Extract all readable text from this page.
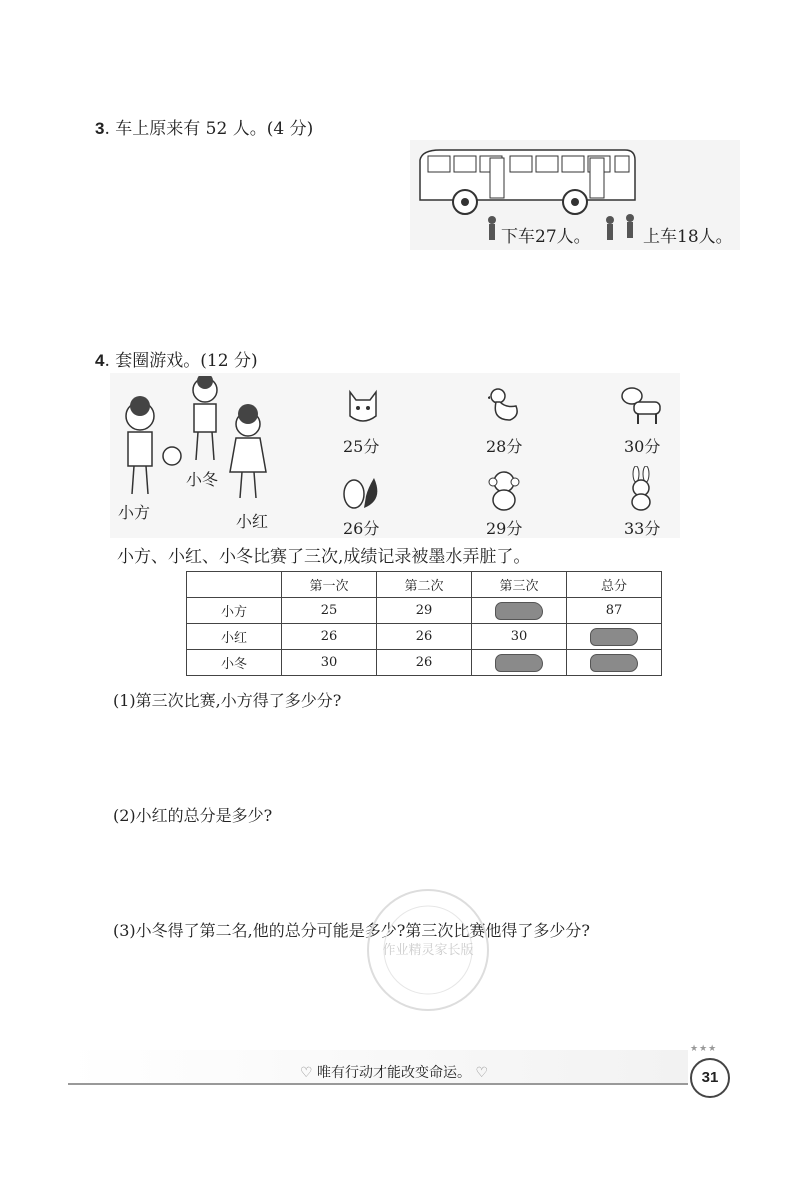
3. 车上原来有 52 人。(4 分)
下车27人。	上车18人。
4. 套圈游戏。(12 分)
小方
小冬
小红
25分	28分	30分
26分	29分	33分
小方、小红、小冬比赛了三次,成绩记录被墨水弄脏了。
	第一次	第二次	第三次	总分
小方	25	29		87
小红	26	26	30	
小冬	30	26		
(1)第三次比赛,小方得了多少分?
(2)小红的总分是多少?
(3)小冬得了第二名,他的总分可能是多少?第三次比赛他得了多少分?
作业精灵家长版
♡ 唯有行动才能改变命运。 ♡
★★★
31
